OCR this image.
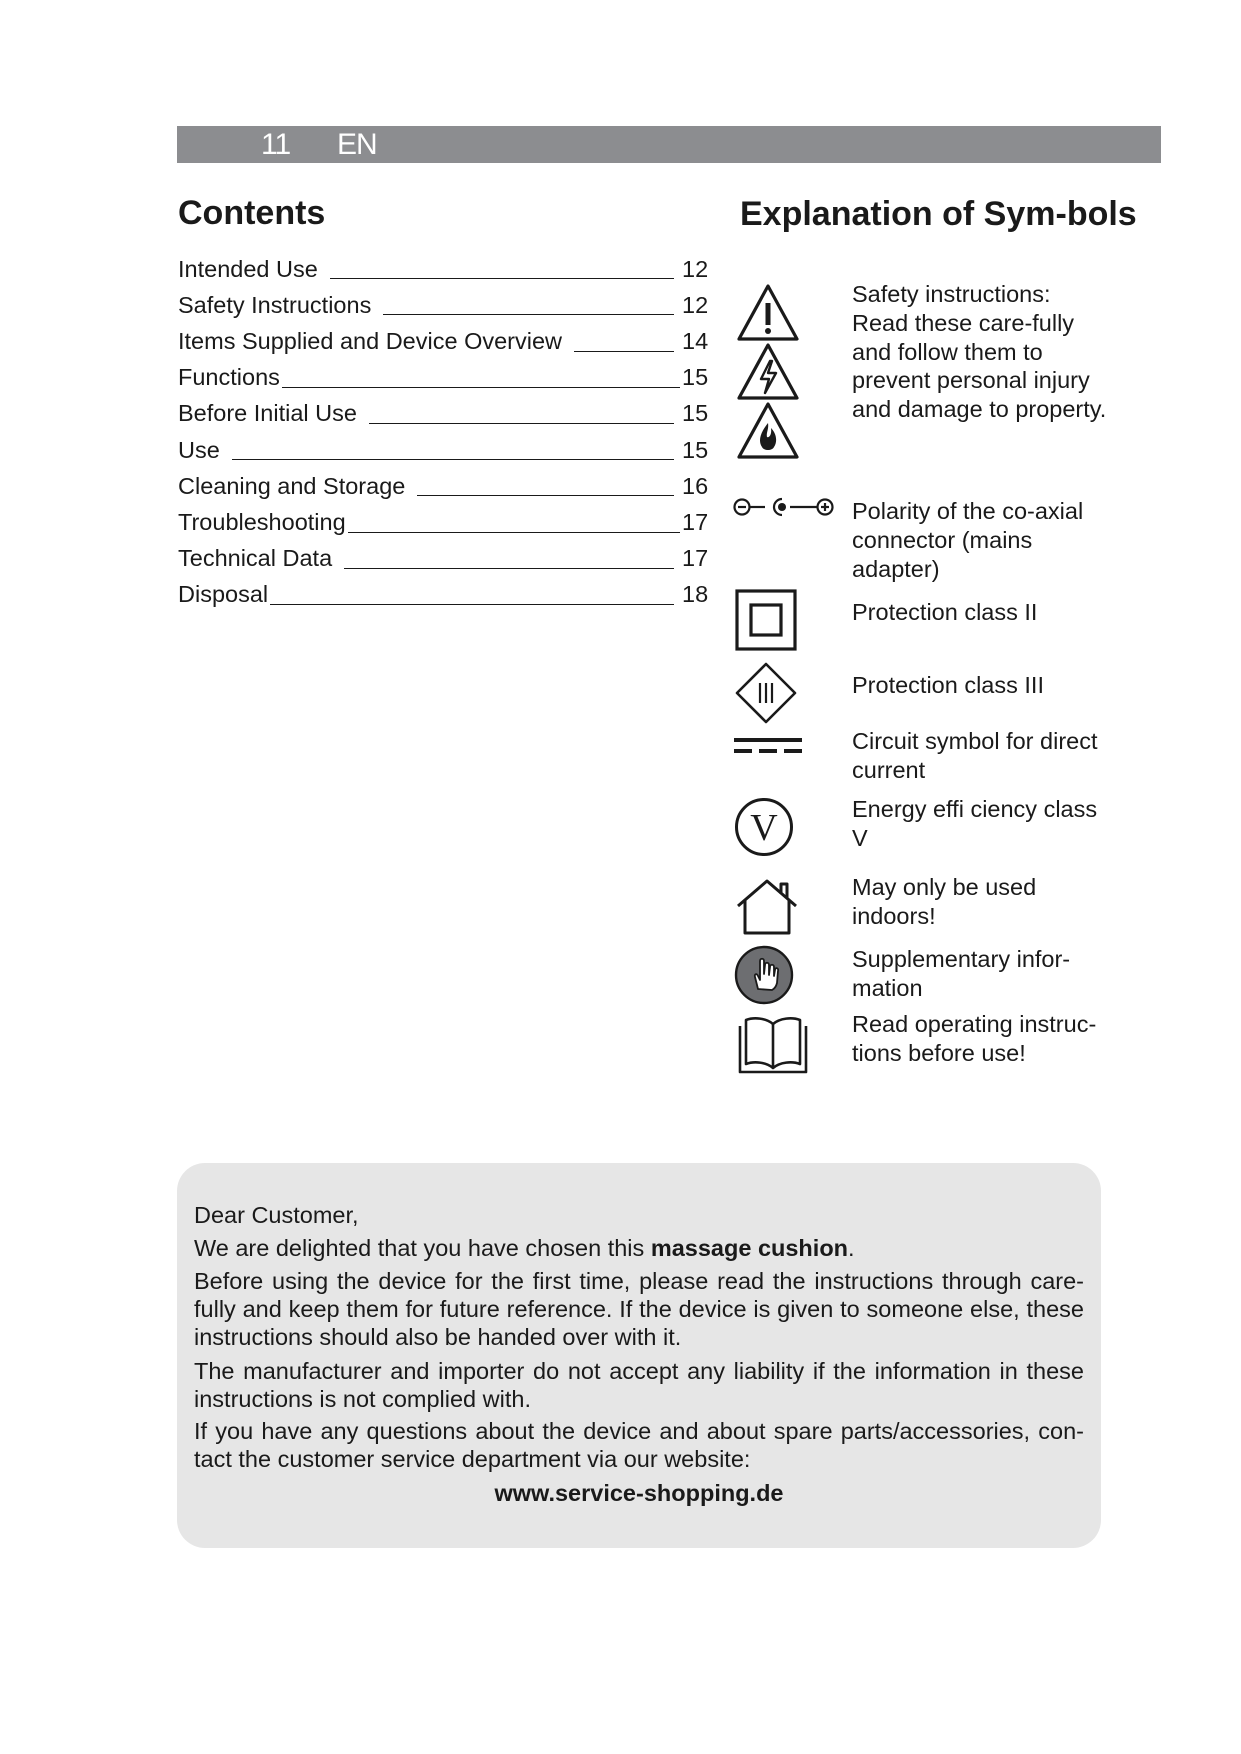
11 EN
Contents
Intended Use	12
Safety Instructions	12
Items Supplied and Device Overview	14
Functions	15
Before Initial Use	15
Use	15
Cleaning and Storage	16
Troubleshooting	17
Technical Data	17
Disposal	18
Explanation of Sym-bols

Safety instructions: Read these care-fully and follow them to prevent personal injury and damage to property.

Polarity of the co-axial connector (mains adapter)

Protection class II

Protection class III

Circuit symbol for direct current

V	Energy effi ciency class V

May only be used indoors!

Supplementary infor-mation

Read operating instruc-tions before use!

Dear Customer,

We are delighted that you have chosen this massage cushion.

Before using the device for the first time, please read the instructions through care-fully and keep them for future reference. If the device is given to someone else, these instructions should also be handed over with it.

The manufacturer and importer do not accept any liability if the information in these instructions is not complied with.

If you have any questions about the device and about spare parts/accessories, con-tact the customer service department via our website:

www.service-shopping.de
